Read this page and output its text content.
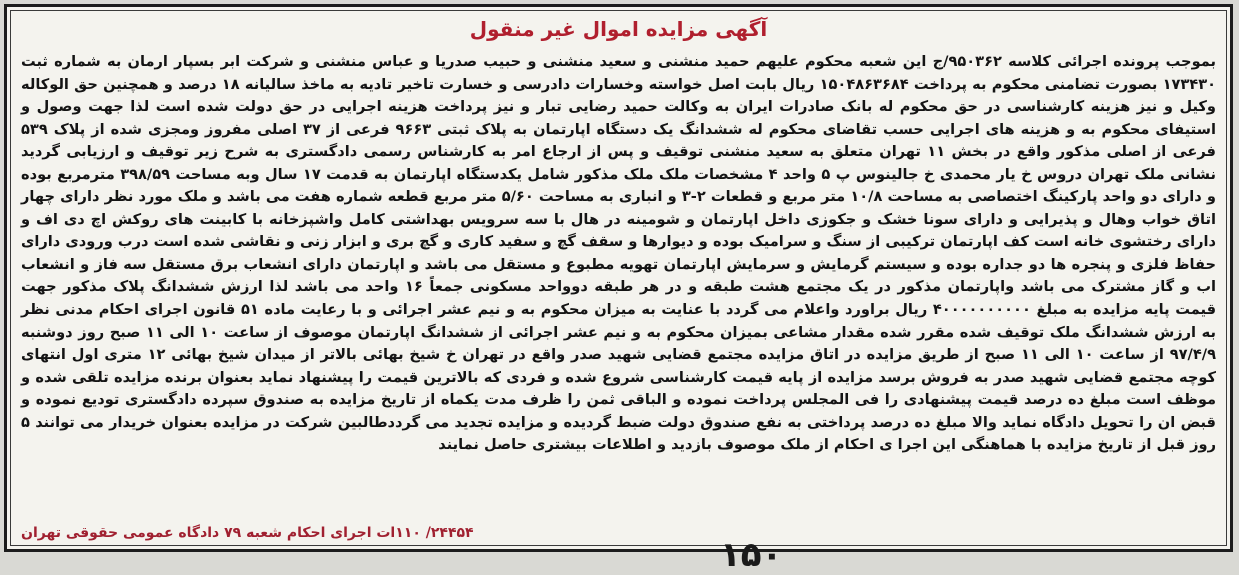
آگهی مزایده اموال غیر منقول
بموجب پرونده اجرائی کلاسه ۹۵۰۳۶۲/ج این شعبه محکوم علیهم حمید منشنی و سعید منشنی و حبیب صدریا و عباس منشنی و شرکت ابر بسپار ارمان به شماره ثبت ۱۷۳۴۳۰ بصورت تضامنی محکوم به پرداخت ۱۵۰۴۸۶۳۶۸۴ ریال بابت اصل خواسته وخسارات دادرسی و خسارت تاخیر تادیه به ماخذ سالیانه ۱۸ درصد و همچنین حق الوکاله وکیل و نیز هزینه کارشناسی در حق محکوم له بانک صادرات ایران به وکالت حمید رضایی تبار و نیز پرداخت هزینه اجرایی در حق دولت شده است لذا جهت وصول و استیفای محکوم به و هزینه های اجرایی حسب تقاضای محکوم له ششدانگ یک دستگاه اپارتمان به پلاک ثبتی ۹۶۶۳ فرعی از ۳۷ اصلی مفروز ومجزی شده از پلاک ۵۳۹ فرعی از اصلی مذکور واقع در بخش ۱۱ تهران متعلق به سعید منشنی توقیف و پس از ارجاع امر به کارشناس رسمی دادگستری به شرح زیر توقیف و ارزیابی گردید نشانی ملک تهران دروس خ یار محمدی خ جالینوس پ ۵ واحد ۴ مشخصات ملک ملک مذکور شامل یکدستگاه اپارتمان به قدمت ۱۷ سال وبه مساحت ۳۹۸/۵۹ مترمربع بوده و دارای دو واحد پارکینگ اختصاصی به مساحت ۱۰/۸ متر مربع و قطعات ۲-۳ و انباری به مساحت ۵/۶۰ متر مربع قطعه شماره هفت می باشد و ملک مورد نظر دارای چهار اتاق خواب وهال و پذیرایی و دارای سونا خشک و جکوزی داخل اپارتمان و شومینه در هال با سه سرویس بهداشتی کامل واشپزخانه با کابینت های روکش اچ دی اف و دارای رختشوی خانه است کف اپارتمان ترکیبی از سنگ و سرامیک بوده و دیوارها و سقف گچ و سفید کاری و گچ بری و ابزار زنی و نقاشی شده است درب ورودی دارای حفاظ فلزی و پنجره ها دو جداره بوده و سیستم گرمایش و سرمایش اپارتمان تهویه مطبوع و مستقل می باشد و اپارتمان دارای انشعاب برق مستقل سه فاز و انشعاب اب و گاز مشترک می باشد واپارتمان مذکور در یک مجتمع هشت طبقه و در هر طبقه دوواحد مسکونی جمعاً ۱۶ واحد می باشد لذا ارزش ششدانگ پلاک مذکور جهت قیمت پایه مزایده به مبلغ ۴۰۰۰۰۰۰۰۰۰۰ ریال براورد واعلام می گردد با عنایت به میزان محکوم به و نیم عشر اجرائی و با رعایت ماده ۵۱ قانون اجرای احکام مدنی نظر به ارزش ششدانگ ملک توقیف شده مقرر شده مقدار مشاعی بمیزان محکوم به و نیم عشر اجرائی از ششدانگ اپارتمان موصوف از ساعت ۱۰ الی ۱۱ صبح روز دوشنبه ۹۷/۴/۹ از ساعت ۱۰ الی ۱۱ صبح از طریق مزایده در اتاق مزایده مجتمع قضایی شهید صدر واقع در تهران خ شیخ بهائی بالاتر از میدان شیخ بهائی ۱۲ متری اول انتهای کوچه مجتمع قضایی شهید صدر به فروش برسد مزایده از پایه قیمت کارشناسی شروع شده و فردی که بالاترین قیمت را پیشنهاد نماید بعنوان برنده مزایده تلقی شده و موظف است مبلغ ده درصد قیمت پیشنهادی را فی المجلس پرداخت نموده و الباقی ثمن را ظرف مدت یکماه از تاریخ مزایده به صندوق سپرده دادگستری تودیع نموده و قبض ان را تحویل دادگاه نماید والا مبلغ ده درصد پرداختی به نفع صندوق دولت ضبط گردیده و مزایده تجدید می گرددطالبین شرکت در مزایده بعنوان خریدار می توانند ۵ روز قبل از تاریخ مزایده با هماهنگی این اجرا ی احکام از ملک موصوف بازدید و اطلاعات بیشتری حاصل نمایند
۲۴۴۵۴/ ۱۱۰ات اجرای احکام شعبه ۷۹ دادگاه عمومی حقوقی تهران
۱۵۰
